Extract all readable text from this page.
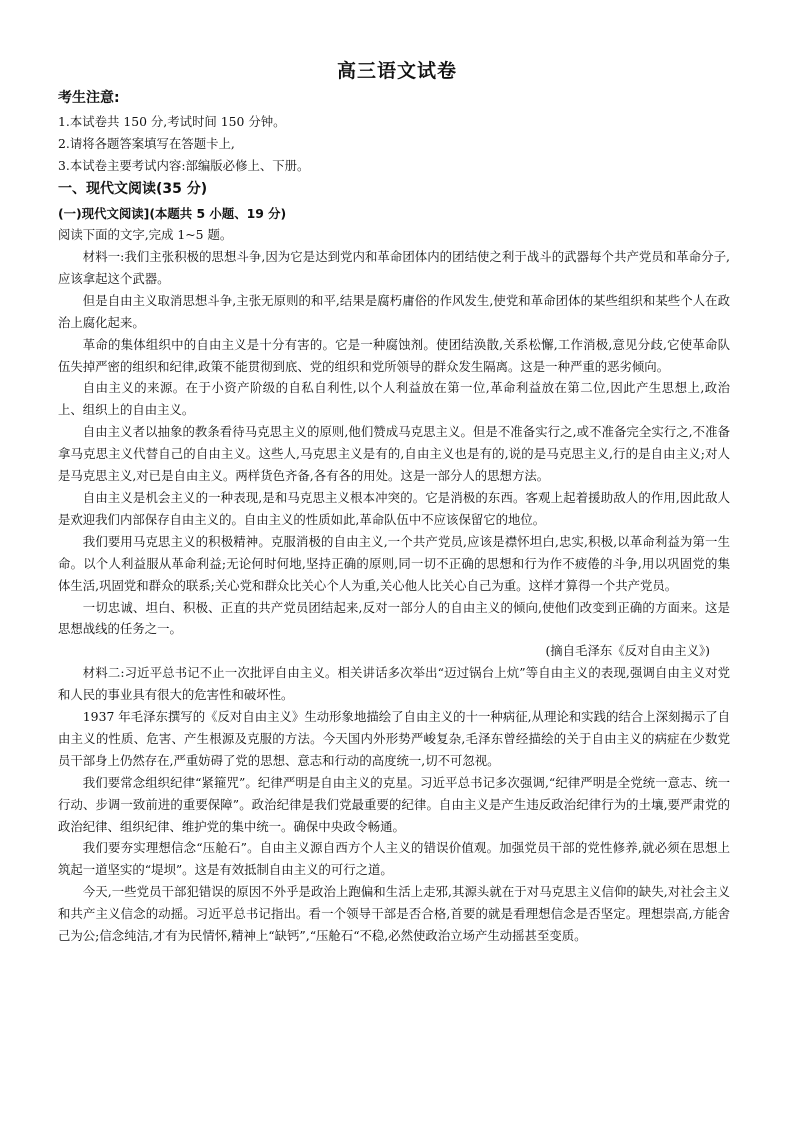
高三语文试卷
考生注意:
1.本试卷共 150 分,考试时间 150 分钟。
2.请将各题答案填写在答题卡上,
3.本试卷主要考试内容:部编版必修上、下册。
一、现代文阅读(35 分)
(一)现代文阅读](本题共 5 小题、19 分)
阅读下面的文字,完成 1~5 题。

材料一:我们主张积极的思想斗争,因为它是达到党内和革命团体内的团结使之利于战斗的武器每个共产党员和革命分子,应该拿起这个武器。

但是自由主义取消思想斗争,主张无原则的和平,结果是腐朽庸俗的作风发生,使党和革命团体的某些组织和某些个人在政治上腐化起来。

革命的集体组织中的自由主义是十分有害的。它是一种腐蚀剂。使团结涣散,关系松懈,工作消极,意见分歧,它使革命队伍失掉严密的组织和纪律,政策不能贯彻到底、党的组织和党所领导的群众发生隔离。这是一种严重的恶劣倾向。

自由主义的来源。在于小资产阶级的自私自利性,以个人利益放在第一位,革命利益放在第二位,因此产生思想上,政治上、组织上的自由主义。

自由主义者以抽象的教条看待马克思主义的原则,他们赞成马克思主义。但是不准备实行之,或不准备完全实行之,不准备拿马克思主义代替自己的自由主义。这些人,马克思主义是有的,自由主义也是有的,说的是马克思主义,行的是自由主义;对人是马克思主义,对已是自由主义。两样货色齐备,各有各的用处。这是一部分人的思想方法。

自由主义是机会主义的一种表现,是和马克思主义根本冲突的。它是消极的东西。客观上起着援助敌人的作用,因此敌人是欢迎我们内部保存自由主义的。自由主义的性质如此,革命队伍中不应该保留它的地位。

我们要用马克思主义的积极精神。克服消极的自由主义,一个共产党员,应该是襟怀坦白,忠实,积极,以革命利益为第一生命。以个人利益服从革命利益;无论何时何地,坚持正确的原则,同一切不正确的思想和行为作不疲倦的斗争,用以巩固党的集体生活,巩固党和群众的联系;关心党和群众比关心个人为重,关心他人比关心自己为重。这样才算得一个共产党员。

一切忠诚、坦白、积极、正直的共产党员团结起来,反对一部分人的自由主义的倾向,使他们改变到正确的方面来。这是思想战线的任务之一。

(摘自毛泽东《反对自由主义》)

材料二:习近平总书记不止一次批评自由主义。相关讲话多次举出“迈过锅台上炕”等自由主义的表现,强调自由主义对党和人民的事业具有很大的危害性和破坏性。

1937 年毛泽东撰写的《反对自由主义》生动形象地描绘了自由主义的十一种病征,从理论和实践的结合上深刻揭示了自由主义的性质、危害、产生根源及克服的方法。今天国内外形势严峻复杂,毛泽东曾经描绘的关于自由主义的病症在少数党员干部身上仍然存在,严重妨碍了党的思想、意志和行动的高度统一,切不可忽视。

我们要常念组织纪律“紧箍咒”。纪律严明是自由主义的克星。习近平总书记多次强调,“纪律严明是全党统一意志、统一行动、步调一致前进的重要保障”。政治纪律是我们党最重要的纪律。自由主义是产生违反政治纪律行为的土壤,要严肃党的政治纪律、组织纪律、维护党的集中统一。确保中央政令畅通。

我们要夯实理想信念“压舱石”。自由主义源自西方个人主义的错误价值观。加强党员干部的党性修养,就必须在思想上筑起一道坚实的“堤坝”。这是有效抵制自由主义的可行之道。

今天,一些党员干部犯错误的原因不外乎是政治上跑偏和生活上走邪,其源头就在于对马克思主义信仰的缺失,对社会主义和共产主义信念的动摇。习近平总书记指出。看一个领导干部是否合格,首要的就是看理想信念是否坚定。理想崇高,方能舍己为公;信念纯洁,才有为民情怀,精神上“缺钙”,“压舱石“不稳,必然使政治立场产生动摇甚至变质。
